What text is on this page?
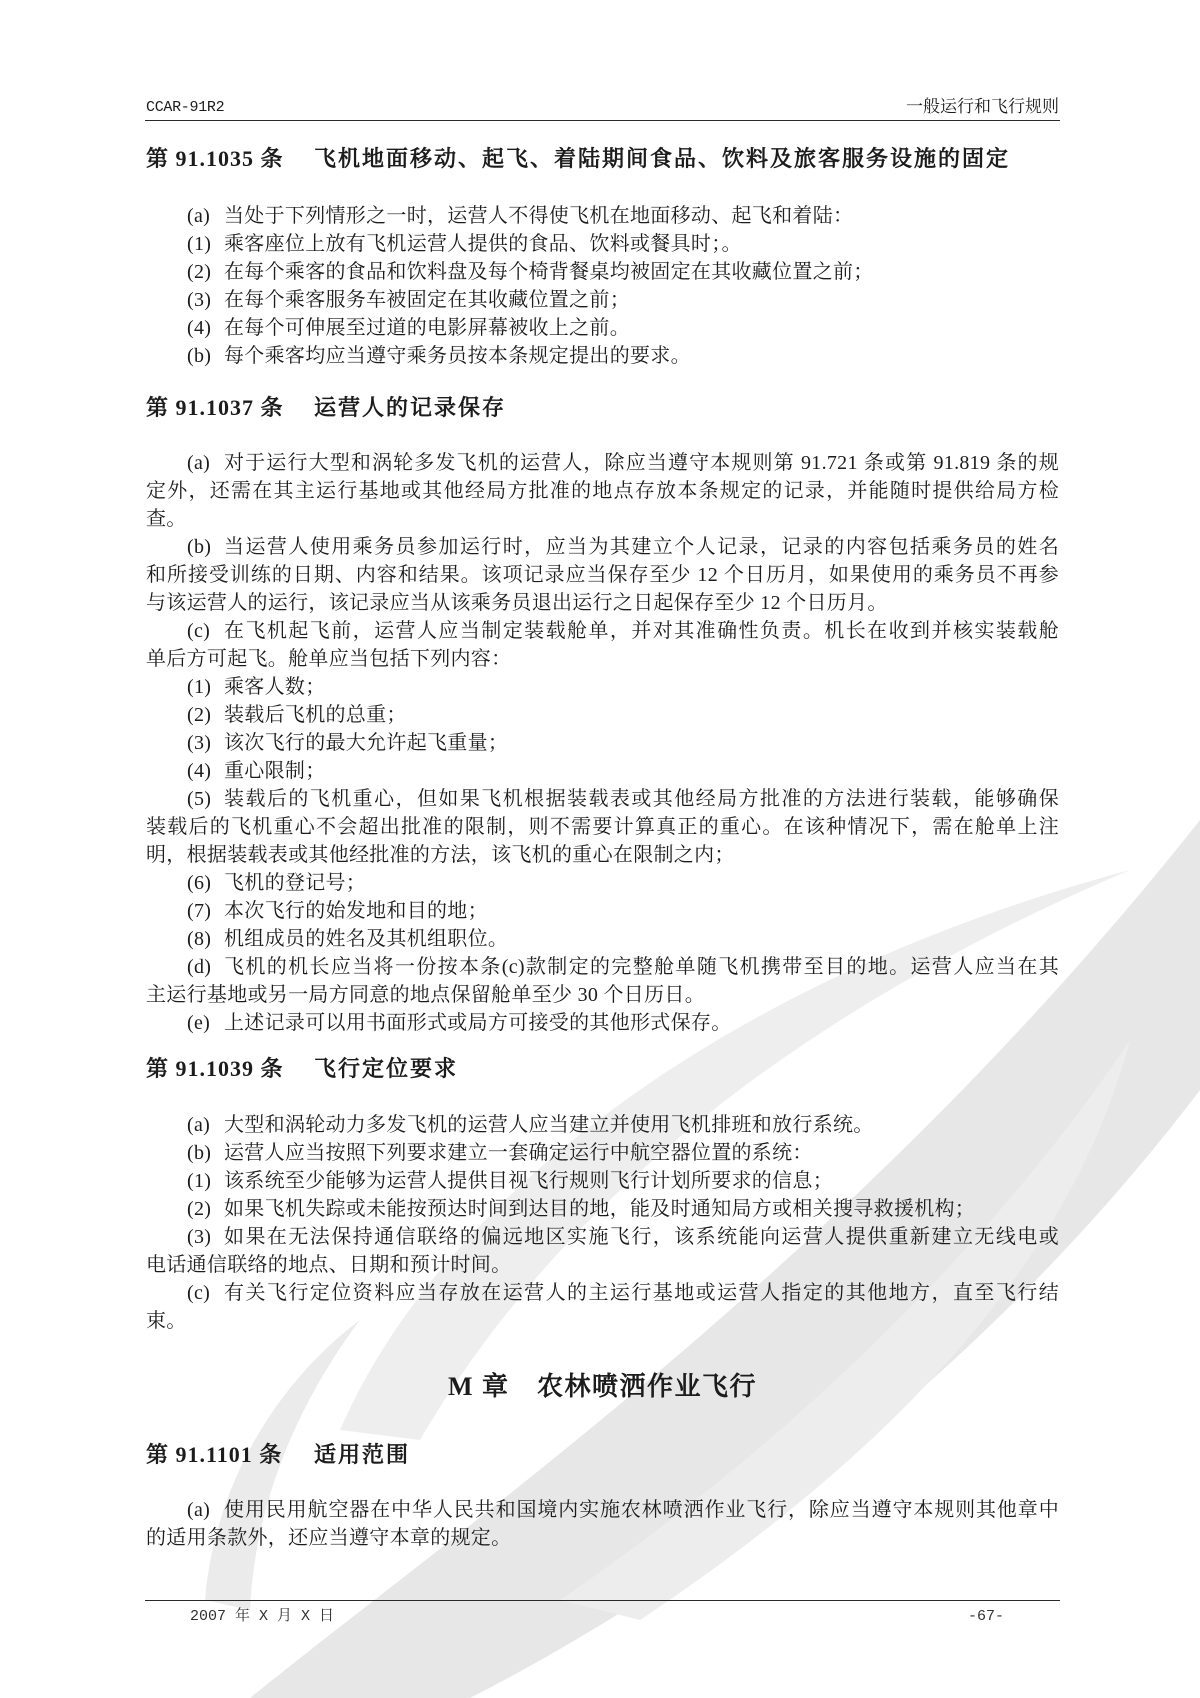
CCAR-91R2	一般运行和飞行规则
第 91.1035 条 飞机地面移动、起飞、着陆期间食品、饮料及旅客服务设施的固定
(a) 当处于下列情形之一时，运营人不得使飞机在地面移动、起飞和着陆：
(1) 乘客座位上放有飞机运营人提供的食品、饮料或餐具时；。
(2) 在每个乘客的食品和饮料盘及每个椅背餐桌均被固定在其收藏位置之前；
(3) 在每个乘客服务车被固定在其收藏位置之前；
(4) 在每个可伸展至过道的电影屏幕被收上之前。
(b) 每个乘客均应当遵守乘务员按本条规定提出的要求。
第 91.1037 条 运营人的记录保存
(a) 对于运行大型和涡轮多发飞机的运营人，除应当遵守本规则第 91.721 条或第 91.819 条的规
定外，还需在其主运行基地或其他经局方批准的地点存放本条规定的记录，并能随时提供给局方检
查。
(b) 当运营人使用乘务员参加运行时，应当为其建立个人记录，记录的内容包括乘务员的姓名
和所接受训练的日期、内容和结果。该项记录应当保存至少 12 个日历月，如果使用的乘务员不再参
与该运营人的运行，该记录应当从该乘务员退出运行之日起保存至少 12 个日历月。
(c) 在飞机起飞前，运营人应当制定装载舱单，并对其准确性负责。机长在收到并核实装载舱
单后方可起飞。舱单应当包括下列内容：
(1) 乘客人数；
(2) 装载后飞机的总重；
(3) 该次飞行的最大允许起飞重量；
(4) 重心限制；
(5) 装载后的飞机重心，但如果飞机根据装载表或其他经局方批准的方法进行装载，能够确保
装载后的飞机重心不会超出批准的限制，则不需要计算真正的重心。在该种情况下，需在舱单上注
明，根据装载表或其他经批准的方法，该飞机的重心在限制之内；
(6) 飞机的登记号；
(7) 本次飞行的始发地和目的地；
(8) 机组成员的姓名及其机组职位。
(d) 飞机的机长应当将一份按本条(c)款制定的完整舱单随飞机携带至目的地。运营人应当在其
主运行基地或另一局方同意的地点保留舱单至少 30 个日历日。
(e) 上述记录可以用书面形式或局方可接受的其他形式保存。
第 91.1039 条 飞行定位要求
(a) 大型和涡轮动力多发飞机的运营人应当建立并使用飞机排班和放行系统。
(b) 运营人应当按照下列要求建立一套确定运行中航空器位置的系统：
(1) 该系统至少能够为运营人提供目视飞行规则飞行计划所要求的信息；
(2) 如果飞机失踪或未能按预达时间到达目的地，能及时通知局方或相关搜寻救援机构；
(3) 如果在无法保持通信联络的偏远地区实施飞行，该系统能向运营人提供重新建立无线电或
电话通信联络的地点、日期和预计时间。
(c) 有关飞行定位资料应当存放在运营人的主运行基地或运营人指定的其他地方，直至飞行结
束。
M 章　农林喷洒作业飞行
第 91.1101 条 适用范围
(a) 使用民用航空器在中华人民共和国境内实施农林喷洒作业飞行，除应当遵守本规则其他章中
的适用条款外，还应当遵守本章的规定。
2007 年 X 月 X 日	-67-
